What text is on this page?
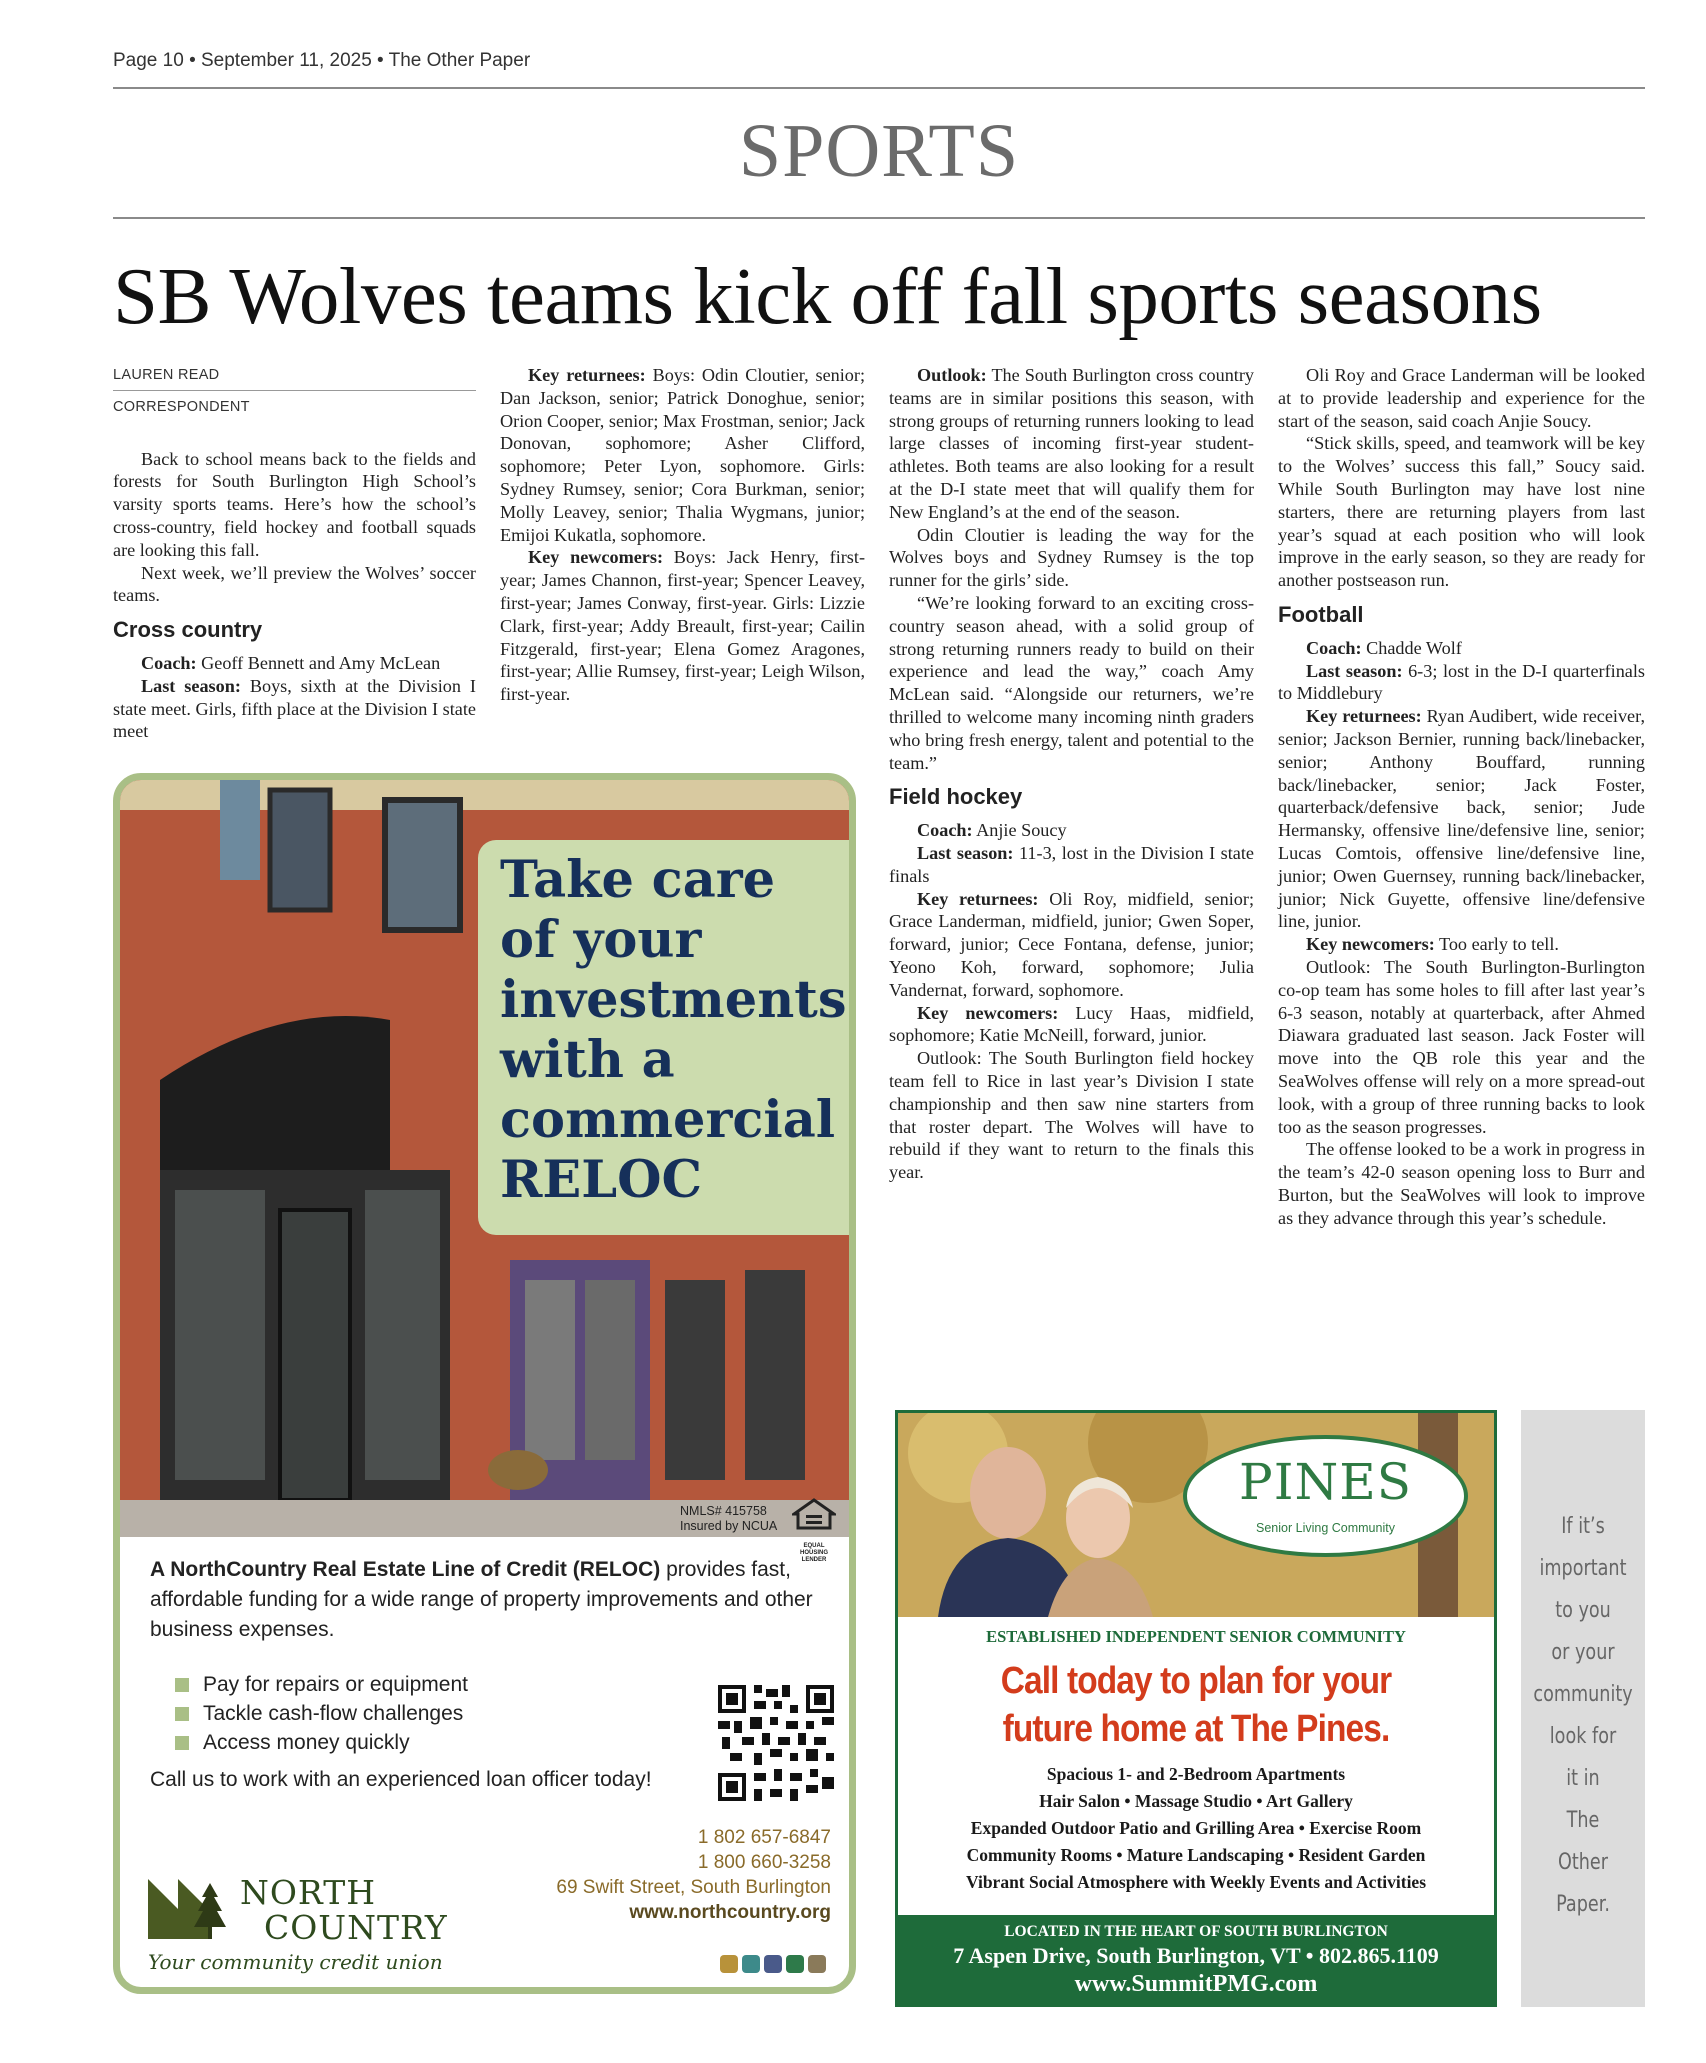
Page 10 • September 11, 2025 • The Other Paper
SPORTS
SB Wolves teams kick off fall sports seasons

LAUREN READ

CORRESPONDENT

Back to school means back to the fields and forests for South Burlington High School’s varsity sports teams. Here’s how the school’s cross-country, field hockey and football squads are looking this fall.

Next week, we’ll preview the Wolves’ soccer teams.

Cross country

Coach: Geoff Bennett and Amy McLean

Last season: Boys, sixth at the Division I state meet. Girls, fifth place at the Division I state meet

Key returnees: Boys: Odin Cloutier, senior; Dan Jackson, senior; Patrick Donoghue, senior; Orion Cooper, senior; Max Frostman, senior; Jack Donovan, sophomore; Asher Clifford, sophomore; Peter Lyon, sophomore. Girls: Sydney Rumsey, senior; Cora Burkman, senior; Molly Leavey, senior; Thalia Wygmans, junior; Emijoi Kukatla, sophomore.

Key newcomers: Boys: Jack Henry, first-year; James Channon, first-year; Spencer Leavey, first-year; James Conway, first-year. Girls: Lizzie Clark, first-year; Addy Breault, first-year; Cailin Fitzgerald, first-year; Elena Gomez Aragones, first-year; Allie Rumsey, first-year; Leigh Wilson, first-year.

Outlook: The South Burlington cross country teams are in similar positions this season, with strong groups of returning runners looking to lead large classes of incoming first-year student-athletes. Both teams are also looking for a result at the D-I state meet that will qualify them for New England’s at the end of the season.

Odin Cloutier is leading the way for the Wolves boys and Sydney Rumsey is the top runner for the girls’ side.

“We’re looking forward to an exciting cross-country season ahead, with a solid group of strong returning runners ready to build on their experience and lead the way,” coach Amy McLean said. “Alongside our returners, we’re thrilled to welcome many incoming ninth graders who bring fresh energy, talent and potential to the team.”

Field hockey

Coach: Anjie Soucy

Last season: 11-3, lost in the Division I state finals

Key returnees: Oli Roy, midfield, senior; Grace Landerman, midfield, junior; Gwen Soper, forward, junior; Cece Fontana, defense, junior; Yeono Koh, forward, sophomore; Julia Vandernat, forward, sophomore.

Key newcomers: Lucy Haas, midfield, sophomore; Katie McNeill, forward, junior.

Outlook: The South Burlington field hockey team fell to Rice in last year’s Division I state championship and then saw nine starters from that roster depart. The Wolves will have to rebuild if they want to return to the finals this year.

Oli Roy and Grace Landerman will be looked at to provide leadership and experience for the start of the season, said coach Anjie Soucy.

“Stick skills, speed, and teamwork will be key to the Wolves’ success this fall,” Soucy said. While South Burlington may have lost nine starters, there are returning players from last year’s squad at each position who will look improve in the early season, so they are ready for another postseason run.

Football

Coach: Chadde Wolf

Last season: 6-3; lost in the D-I quarterfinals to Middlebury

Key returnees: Ryan Audibert, wide receiver, senior; Jackson Bernier, running back/linebacker, senior; Anthony Bouffard, running back/linebacker, senior; Jack Foster, quarterback/defensive back, senior; Jude Hermansky, offensive line/defensive line, senior; Lucas Comtois, offensive line/defensive line, junior; Owen Guernsey, running back/linebacker, junior; Nick Guyette, offensive line/defensive line, junior.

Key newcomers: Too early to tell.

Outlook: The South Burlington-Burlington co-op team has some holes to fill after last year’s 6-3 season, notably at quarterback, after Ahmed Diawara graduated last season. Jack Foster will move into the QB role this year and the SeaWolves offense will rely on a more spread-out look, with a group of three running backs to look too as the season progresses.

The offense looked to be a work in progress in the team’s 42-0 season opening loss to Burr and Burton, but the SeaWolves will look to improve as they advance through this year’s schedule.

Take care of your investments with a commercial RELOC
NMLS# 415758
Insured by NCUA
EQUAL HOUSING LENDER
A NorthCountry Real Estate Line of Credit (RELOC) provides fast, affordable funding for a wide range of property improvements and other business expenses.
Pay for repairs or equipment
Tackle cash-flow challenges
Access money quickly
Call us to work with an experienced loan officer today!
1 802 657-6847
1 800 660-3258
69 Swift Street, South Burlington
www.northcountry.org
NORTH
COUNTRY
Your community credit union
PINES
Senior Living Community
ESTABLISHED INDEPENDENT SENIOR COMMUNITY
Call today to plan for your
future home at The Pines.
Spacious 1- and 2-Bedroom Apartments
Hair Salon • Massage Studio • Art Gallery
Expanded Outdoor Patio and Grilling Area • Exercise Room
Community Rooms • Mature Landscaping • Resident Garden
Vibrant Social Atmosphere with Weekly Events and Activities
LOCATED IN THE HEART OF SOUTH BURLINGTON
7 Aspen Drive, South Burlington, VT • 802.865.1109
www.SummitPMG.com
If it’s
important
to you
or your
community
look for
it in
The
Other
Paper.
